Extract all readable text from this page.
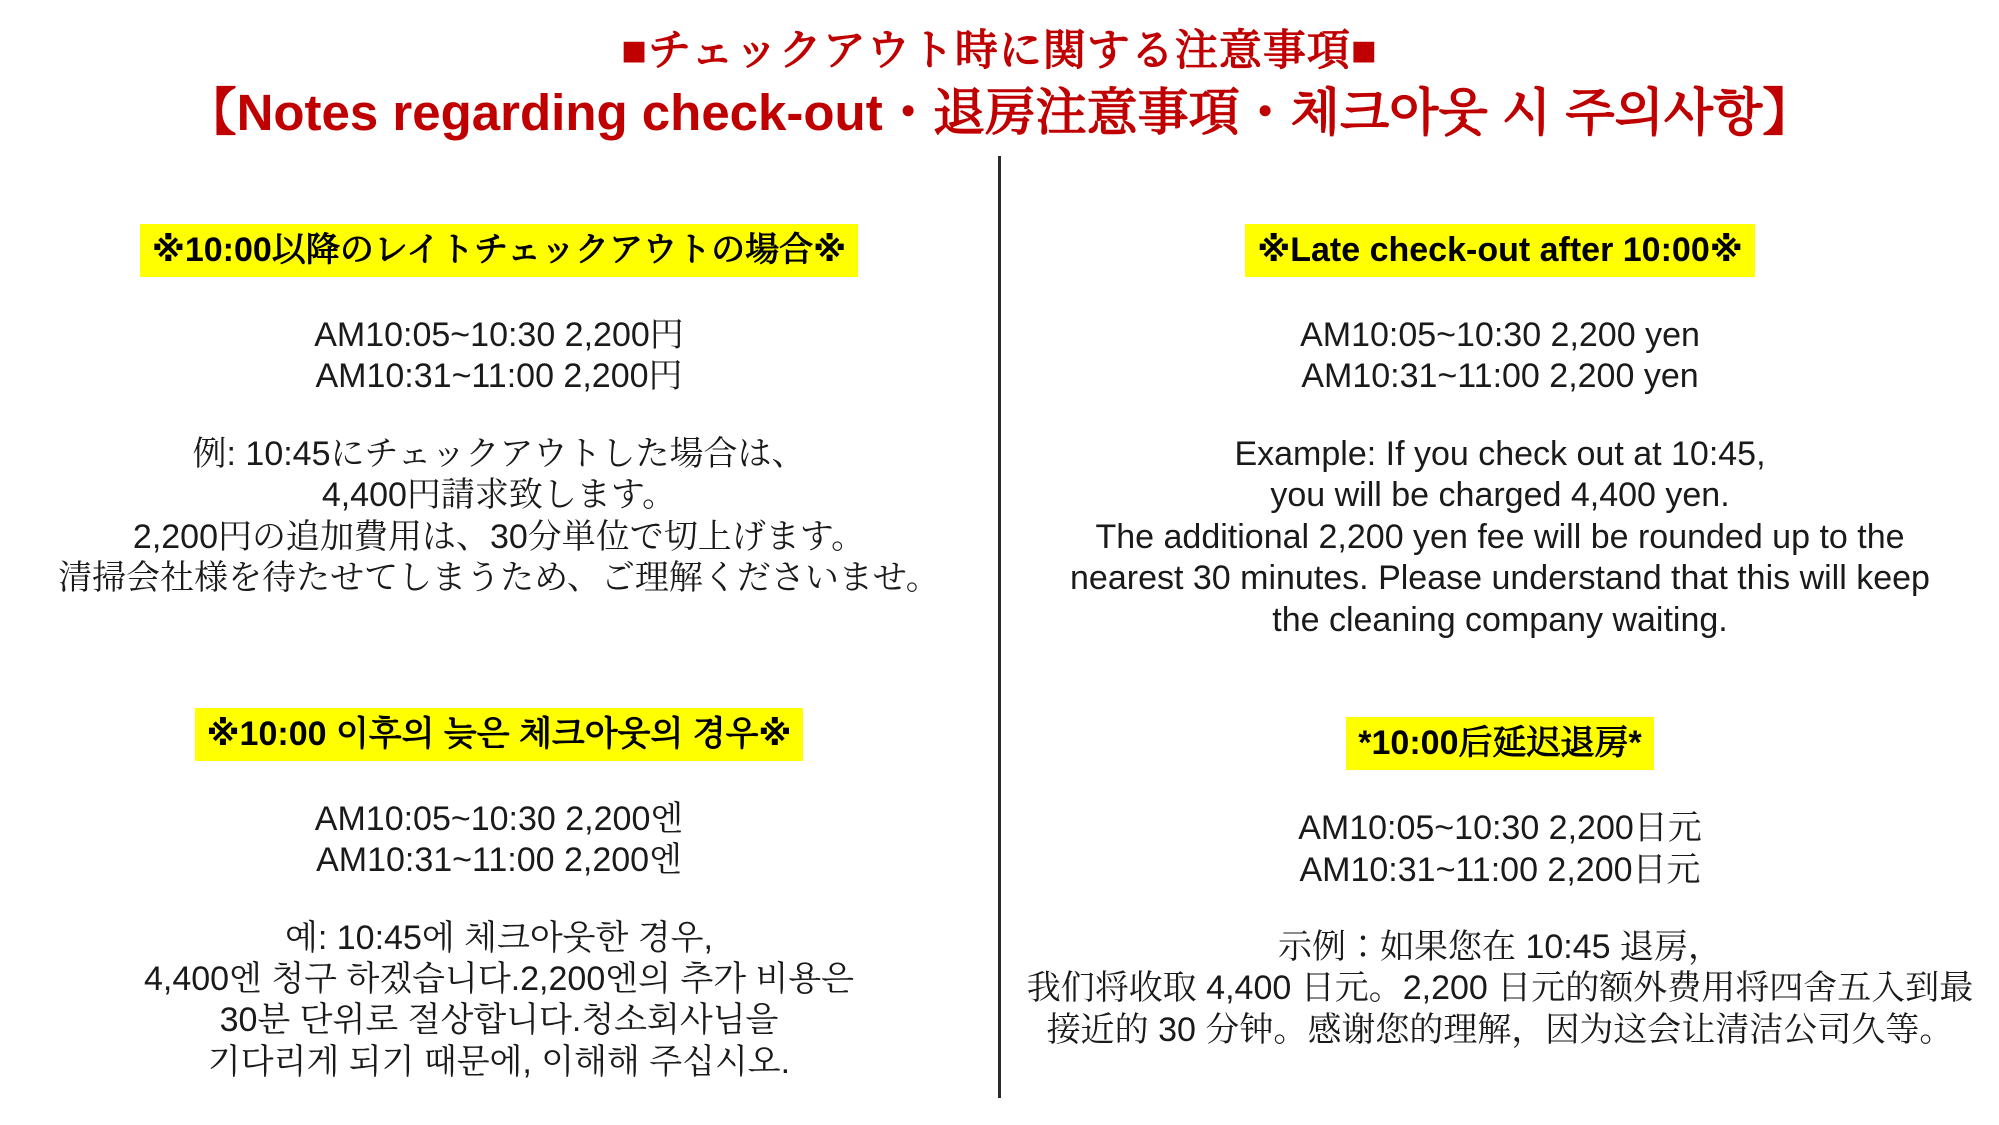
■チェックアウト時に関する注意事項■
【Notes regarding check-out・退房注意事項・체크아웃 시 주의사항】
※10:00以降のレイトチェックアウトの場合※
AM10:05~10:30 2,200円
AM10:31~11:00 2,200円
例: 10:45にチェックアウトした場合は、
4,400円請求致します。
2,200円の追加費用は、30分単位で切上げます。
清掃会社様を待たせてしまうため、ご理解くださいませ。
※10:00 이후의 늦은 체크아웃의 경우※
AM10:05~10:30 2,200엔
AM10:31~11:00 2,200엔
예: 10:45에 체크아웃한 경우,
4,400엔 청구 하겠습니다.2,200엔의 추가 비용은
30분 단위로 절상합니다.청소회사님을
기다리게 되기 때문에, 이해해 주십시오.
※Late check-out after 10:00※
AM10:05~10:30 2,200 yen
AM10:31~11:00 2,200 yen
Example: If you check out at 10:45,
you will be charged 4,400 yen.
The additional 2,200 yen fee will be rounded up to the
nearest 30 minutes. Please understand that this will keep
the cleaning company waiting.
*10:00后延迟退房*
AM10:05~10:30 2,200日元
AM10:31~11:00 2,200日元
示例：如果您在 10:45 退房，
我们将收取 4,400 日元。2,200 日元的额外费用将四舍五入到最
接近的 30 分钟。感谢您的理解，因为这会让清洁公司久等。
